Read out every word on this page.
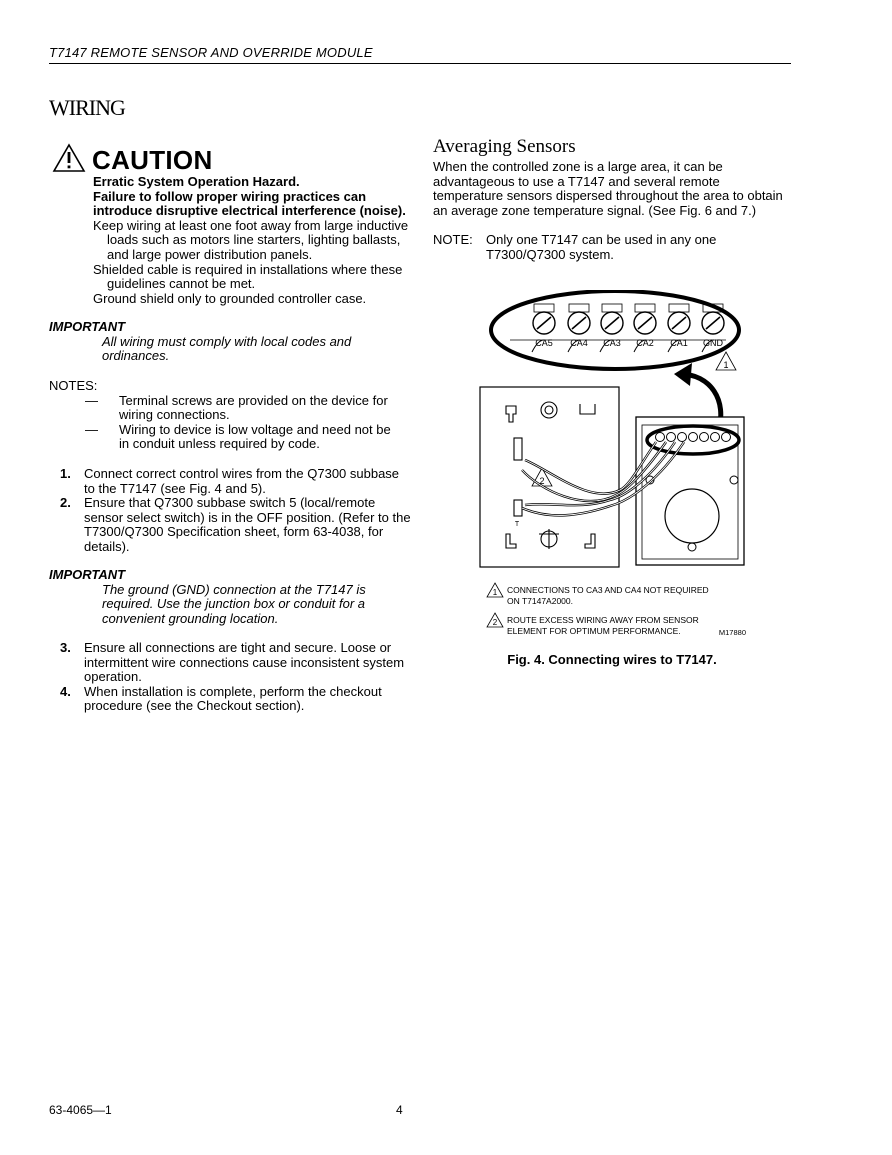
T7147 REMOTE SENSOR AND OVERRIDE MODULE
WIRING
CAUTION

Erratic System Operation Hazard.

Failure to follow proper wiring practices can

introduce disruptive electrical interference (noise).

Keep wiring at least one foot away from large inductive loads such as motors line starters, lighting ballasts, and large power distribution panels.

Shielded cable is required in installations where these guidelines cannot be met.

Ground shield only to grounded controller case.

IMPORTANT

All wiring must comply with local codes and ordinances.

NOTES:

— Terminal screws are provided on the device for wiring connections.
— Wiring to device is low voltage and need not be in conduit unless required by code.
1. Connect correct control wires from the Q7300 subbase to the T7147 (see Fig. 4 and 5).
2. Ensure that Q7300 subbase switch 5 (local/remote sensor select switch) is in the OFF position. (Refer to the T7300/Q7300 Specification sheet, form 63-4038, for details).

IMPORTANT

The ground (GND) connection at the T7147 is required. Use the junction box or conduit for a convenient grounding location.

3. Ensure all connections are tight and secure. Loose or intermittent wire connections cause inconsistent system operation.
4. When installation is complete, perform the checkout procedure (see the Checkout section).
Averaging Sensors
When the controlled zone is a large area, it can be advantageous to use a T7147 and several remote temperature sensors dispersed throughout the area to obtain an average zone temperature signal. (See Fig. 6 and 7.)
NOTE:	Only one T7147 can be used in any one T7300/Q7300 system.
CA5 CA4 CA3 CA2 CA1 GND
1
T
2
1 CONNECTIONS TO CA3 AND CA4 NOT REQUIRED
ON T7147A2000.
2 ROUTE EXCESS WIRING AWAY FROM SENSOR
ELEMENT FOR OPTIMUM PERFORMANCE.	M17880
Fig. 4. Connecting wires to T7147.
63-4065—1	4
